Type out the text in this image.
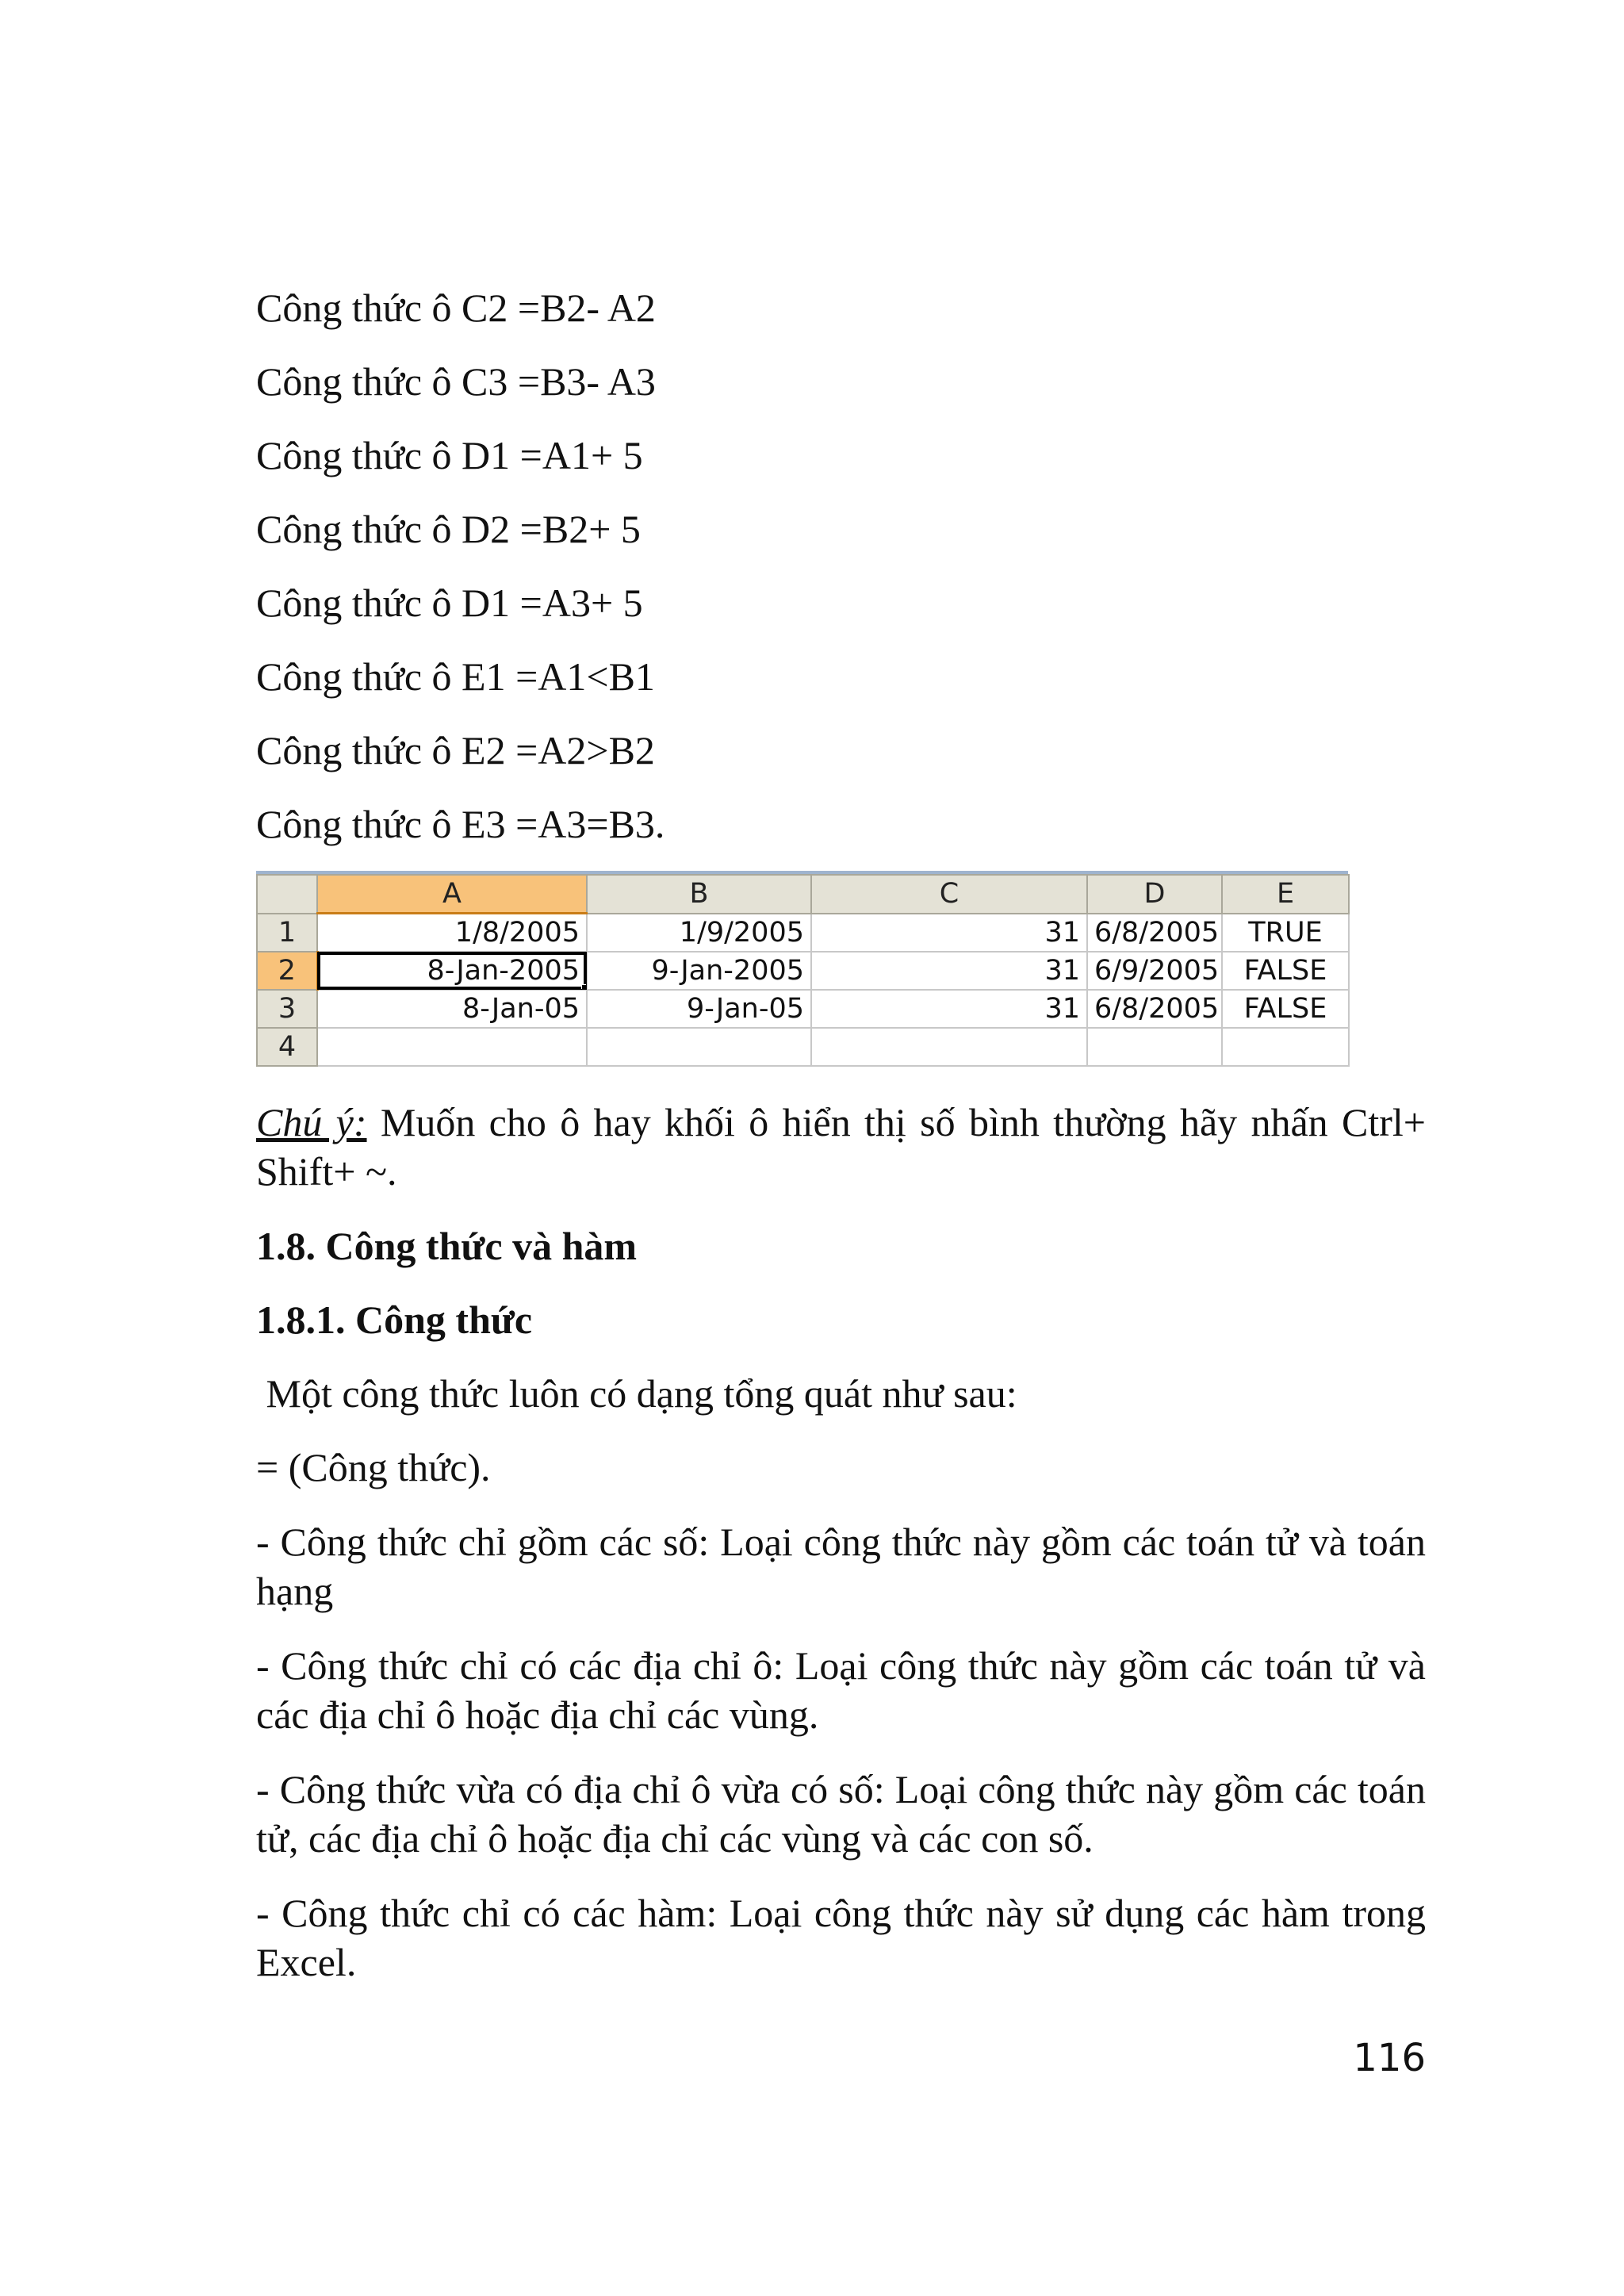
Công thức ô C2 =B2- A2
Công thức ô C3 =B3- A3
Công thức ô D1 =A1+ 5
Công thức ô D2 =B2+ 5
Công thức ô D1 =A3+ 5
Công thức ô E1 =A1<B1
Công thức ô E2 =A2>B2
Công thức ô E3 =A3=B3.
	A	B	C	D	E
1	1/8/2005	1/9/2005	31	6/8/2005	TRUE
2	8-Jan-2005	9-Jan-2005	31	6/9/2005	FALSE
3	8-Jan-05	9-Jan-05	31	6/8/2005	FALSE
4					
Chú ý: Muốn cho ô hay khối ô hiển thị số bình thường hãy nhấn Ctrl+ Shift+ ~.
1.8. Công thức và hàm
1.8.1. Công thức
Một công thức luôn có dạng tổng quát như sau:
= (Công thức).
- Công thức chỉ gồm các số: Loại công thức này gồm các toán tử và toán hạng
- Công thức chỉ có các địa chỉ ô: Loại công thức này gồm các toán tử và các địa chỉ ô hoặc địa chỉ các vùng.
- Công thức vừa có địa chỉ ô vừa có số: Loại công thức này gồm các toán tử, các địa chỉ ô hoặc địa chỉ các vùng và các con số.
- Công thức chỉ có các hàm: Loại công thức này sử dụng các hàm trong Excel.
116
